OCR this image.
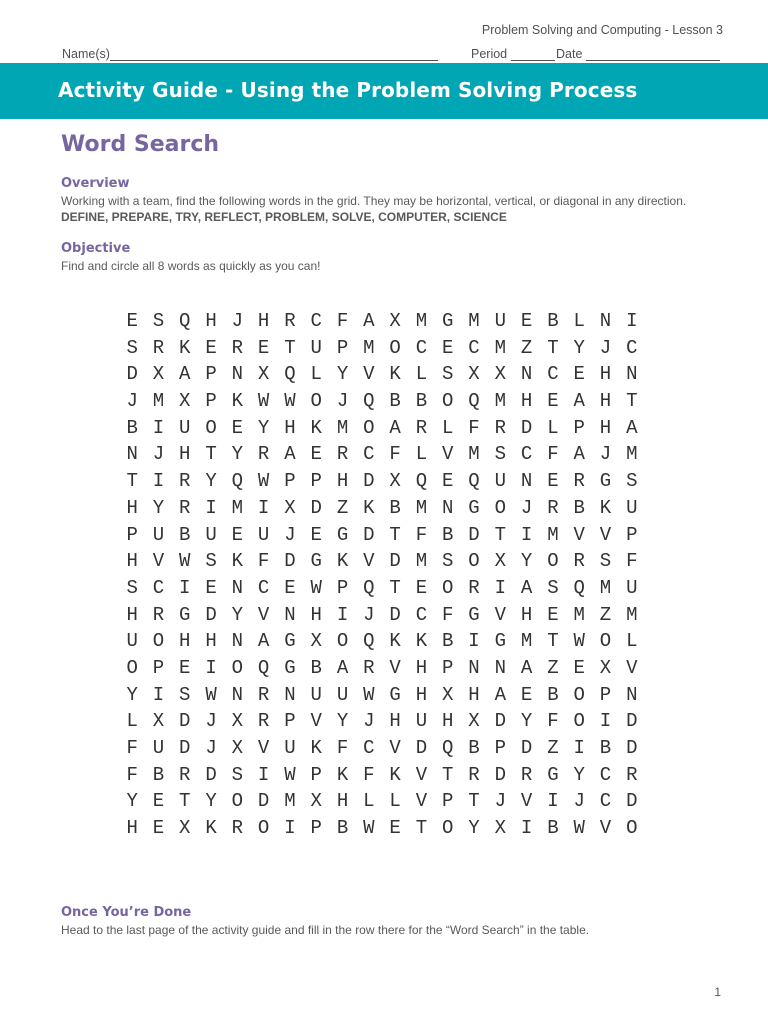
Problem Solving and Computing - Lesson 3
Name(s)	Period	Date
Activity Guide - Using the Problem Solving Process
Word Search
Overview
Working with a team, find the following words in the grid. They may be horizontal, vertical, or diagonal in any direction.
DEFINE, PREPARE, TRY, REFLECT, PROBLEM, SOLVE, COMPUTER, SCIENCE
Objective
Find and circle all 8 words as quickly as you can!
E S Q H J H R C F A X M G M U E B L N I
S R K E R E T U P M O C E C M Z T Y J C
D X A P N X Q L Y V K L S X X N C E H N
J M X P K W W O J Q B B O Q M H E A H T
B I U O E Y H K M O A R L F R D L P H A
N J H T Y R A E R C F L V M S C F A J M
T I R Y Q W P P H D X Q E Q U N E R G S
H Y R I M I X D Z K B M N G O J R B K U
P U B U E U J E G D T F B D T I M V V P
H V W S K F D G K V D M S O X Y O R S F
S C I E N C E W P Q T E O R I A S Q M U
H R G D Y V N H I J D C F G V H E M Z M
U O H H N A G X O Q K K B I G M T W O L
O P E I O Q G B A R V H P N N A Z E X V
Y I S W N R N U U W G H X H A E B O P N
L X D J X R P V Y J H U H X D Y F O I D
F U D J X V U K F C V D Q B P D Z I B D
F B R D S I W P K F K V T R D R G Y C R
Y E T Y O D M X H L L V P T J V I J C D
H E X K R O I P B W E T O Y X I B W V O
Once You’re Done
Head to the last page of the activity guide and fill in the row there for the “Word Search” in the table.
1
